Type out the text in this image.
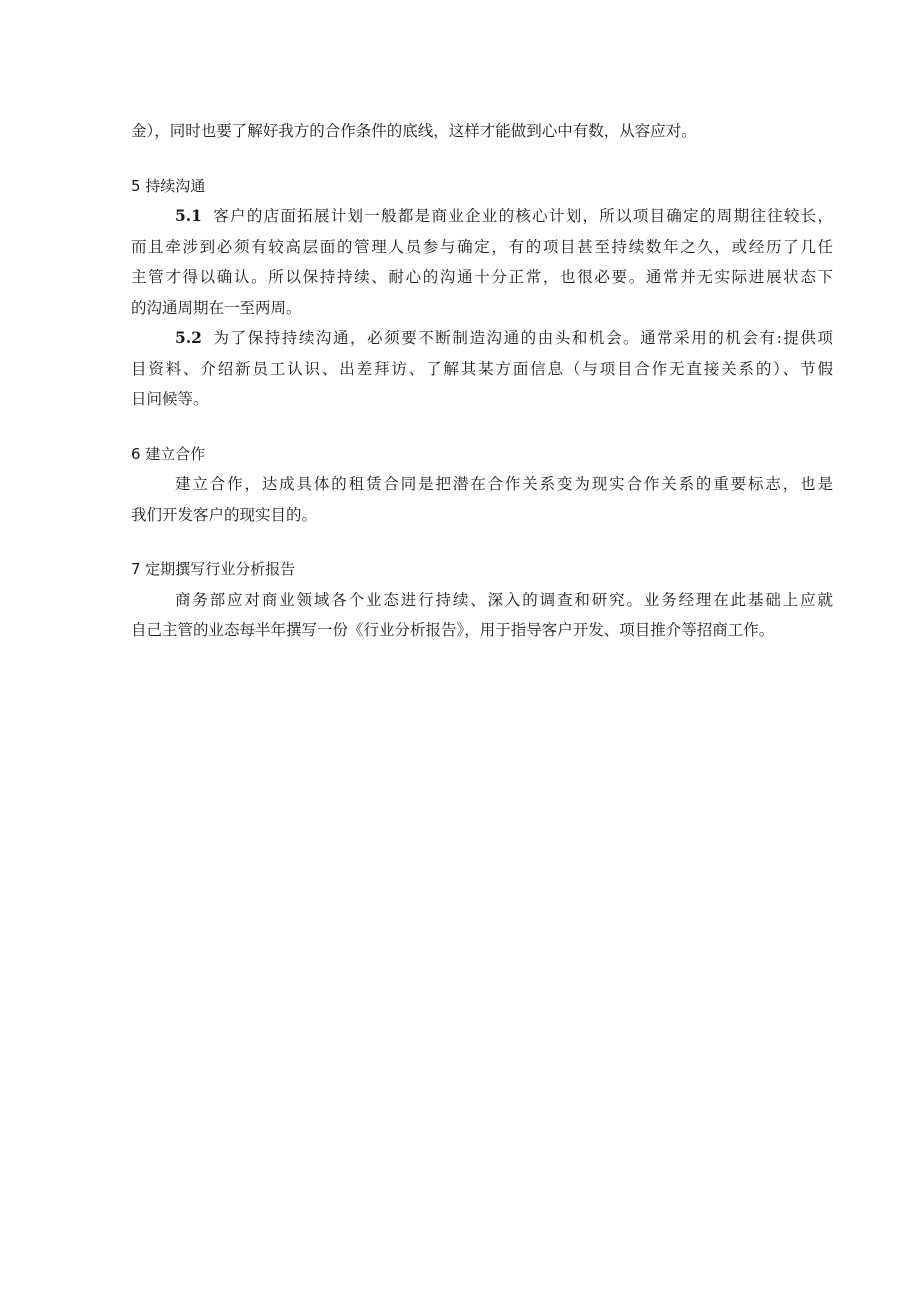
金），同时也要了解好我方的合作条件的底线，这样才能做到心中有数，从容应对。
5 持续沟通
5.1 客户的店面拓展计划一般都是商业企业的核心计划，所以项目确定的周期往往较长，
而且牵涉到必须有较高层面的管理人员参与确定，有的项目甚至持续数年之久，或经历了几任
主管才得以确认。所以保持持续、耐心的沟通十分正常，也很必要。通常并无实际进展状态下
的沟通周期在一至两周。
5.2 为了保持持续沟通，必须要不断制造沟通的由头和机会。通常采用的机会有:提供项
目资料、介绍新员工认识、出差拜访、了解其某方面信息（与项目合作无直接关系的）、节假
日问候等。
6 建立合作
建立合作，达成具体的租赁合同是把潜在合作关系变为现实合作关系的重要标志，也是
我们开发客户的现实目的。
7 定期撰写行业分析报告
商务部应对商业领域各个业态进行持续、深入的调查和研究。业务经理在此基础上应就
自己主管的业态每半年撰写一份《行业分析报告》，用于指导客户开发、项目推介等招商工作。
